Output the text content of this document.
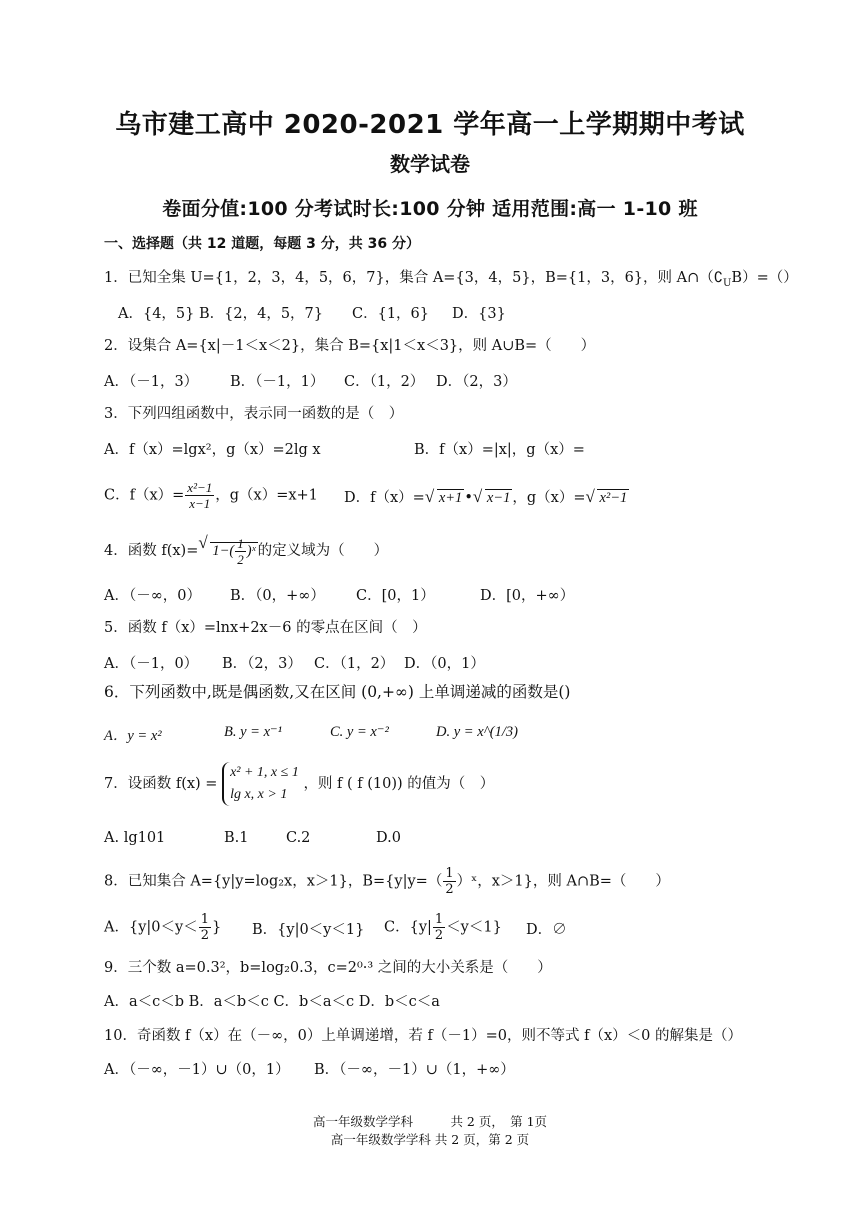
乌市建工高中 2020-2021 学年高一上学期期中考试
数学试卷
卷面分值:100 分考试时长:100 分钟 适用范围:高一 1-10 班
一、选择题（共 12 道题，每题 3 分，共 36 分）
1．已知全集 U={1，2，3，4，5，6，7}，集合 A={3，4，5}，B={1，3，6}，则 $A\cap(∁_UB)=()$
A．{4，5} B．{2，4，5，7} C．{1，6} D．{3}
2．设集合 A={x|－1＜x＜2}，集合 B={x|1＜x＜3}，则 A∪B=（　　）
A．（－1，3） B．（－1，1） C．（1，2） D．（2，3）
3．下列四组函数中，表示同一函数的是（　）
A．f（x）=lgx²，g（x）=2lg x	B．f（x）=|x|，g（x）=
C．$f(x)= \frac{\text{x²−1}}{x-1}$ ，g（x）=x+1 D．f（x）= √ x+1 • √ x−1 ，g（x）= √ x²−1
4．函数 f(x)= √ $1-( \frac{1}{2}$ )ˣ 的定义域为（　　）
A．（－∞，0） B．（0，+∞） C．[0，1）	D．[0，+∞）
5．函数 f（x）=lnx+2x－6 的零点在区间（　）
A．（－1，0） B．（2，3） C．（1，2） D．（0，1）
6．下列函数中,既是偶函数,又在区间 (0,+∞) 上单调递减的函数是()
A．y = x²	B. y = x⁻¹	C. y = x⁻²	D. y = x^(1/3)
7．设函数 f(x) =
x² + 1, x ≤ 1
lg x, x > 1
，则 f ( f (10)) 的值为（　）
A. lg101	B.1	C.2	D.0
8．已知集合 A={y|y=log₂x，x＞1}，$B=\{y|y=( \frac{1}{2}$ ）ˣ，x＞1}，则 A∩B=（　　）
A．{$y|0<y< \frac{1}{2}$ } B．{y|0＜y＜1} C．$\{y| \frac{1}{2} <y<1\}$ D．∅
9．三个数 a=0.3²，b=log₂0.3，c=2⁰·³ 之间的大小关系是（　　）
A．a＜c＜b B．a＜b＜c C．b＜a＜c D．b＜c＜a
10．奇函数 f（x）在（－∞，0）上单调递增，若 f（－1）=0，则不等式 f（x）＜0 的解集是（）
A．（－∞，－1）∪（0，1） B．（－∞，－1）∪（1，+∞）
高一年级数学学科　　　共 2 页，　第 1页
高一年级数学学科 共 2 页，第 2 页
